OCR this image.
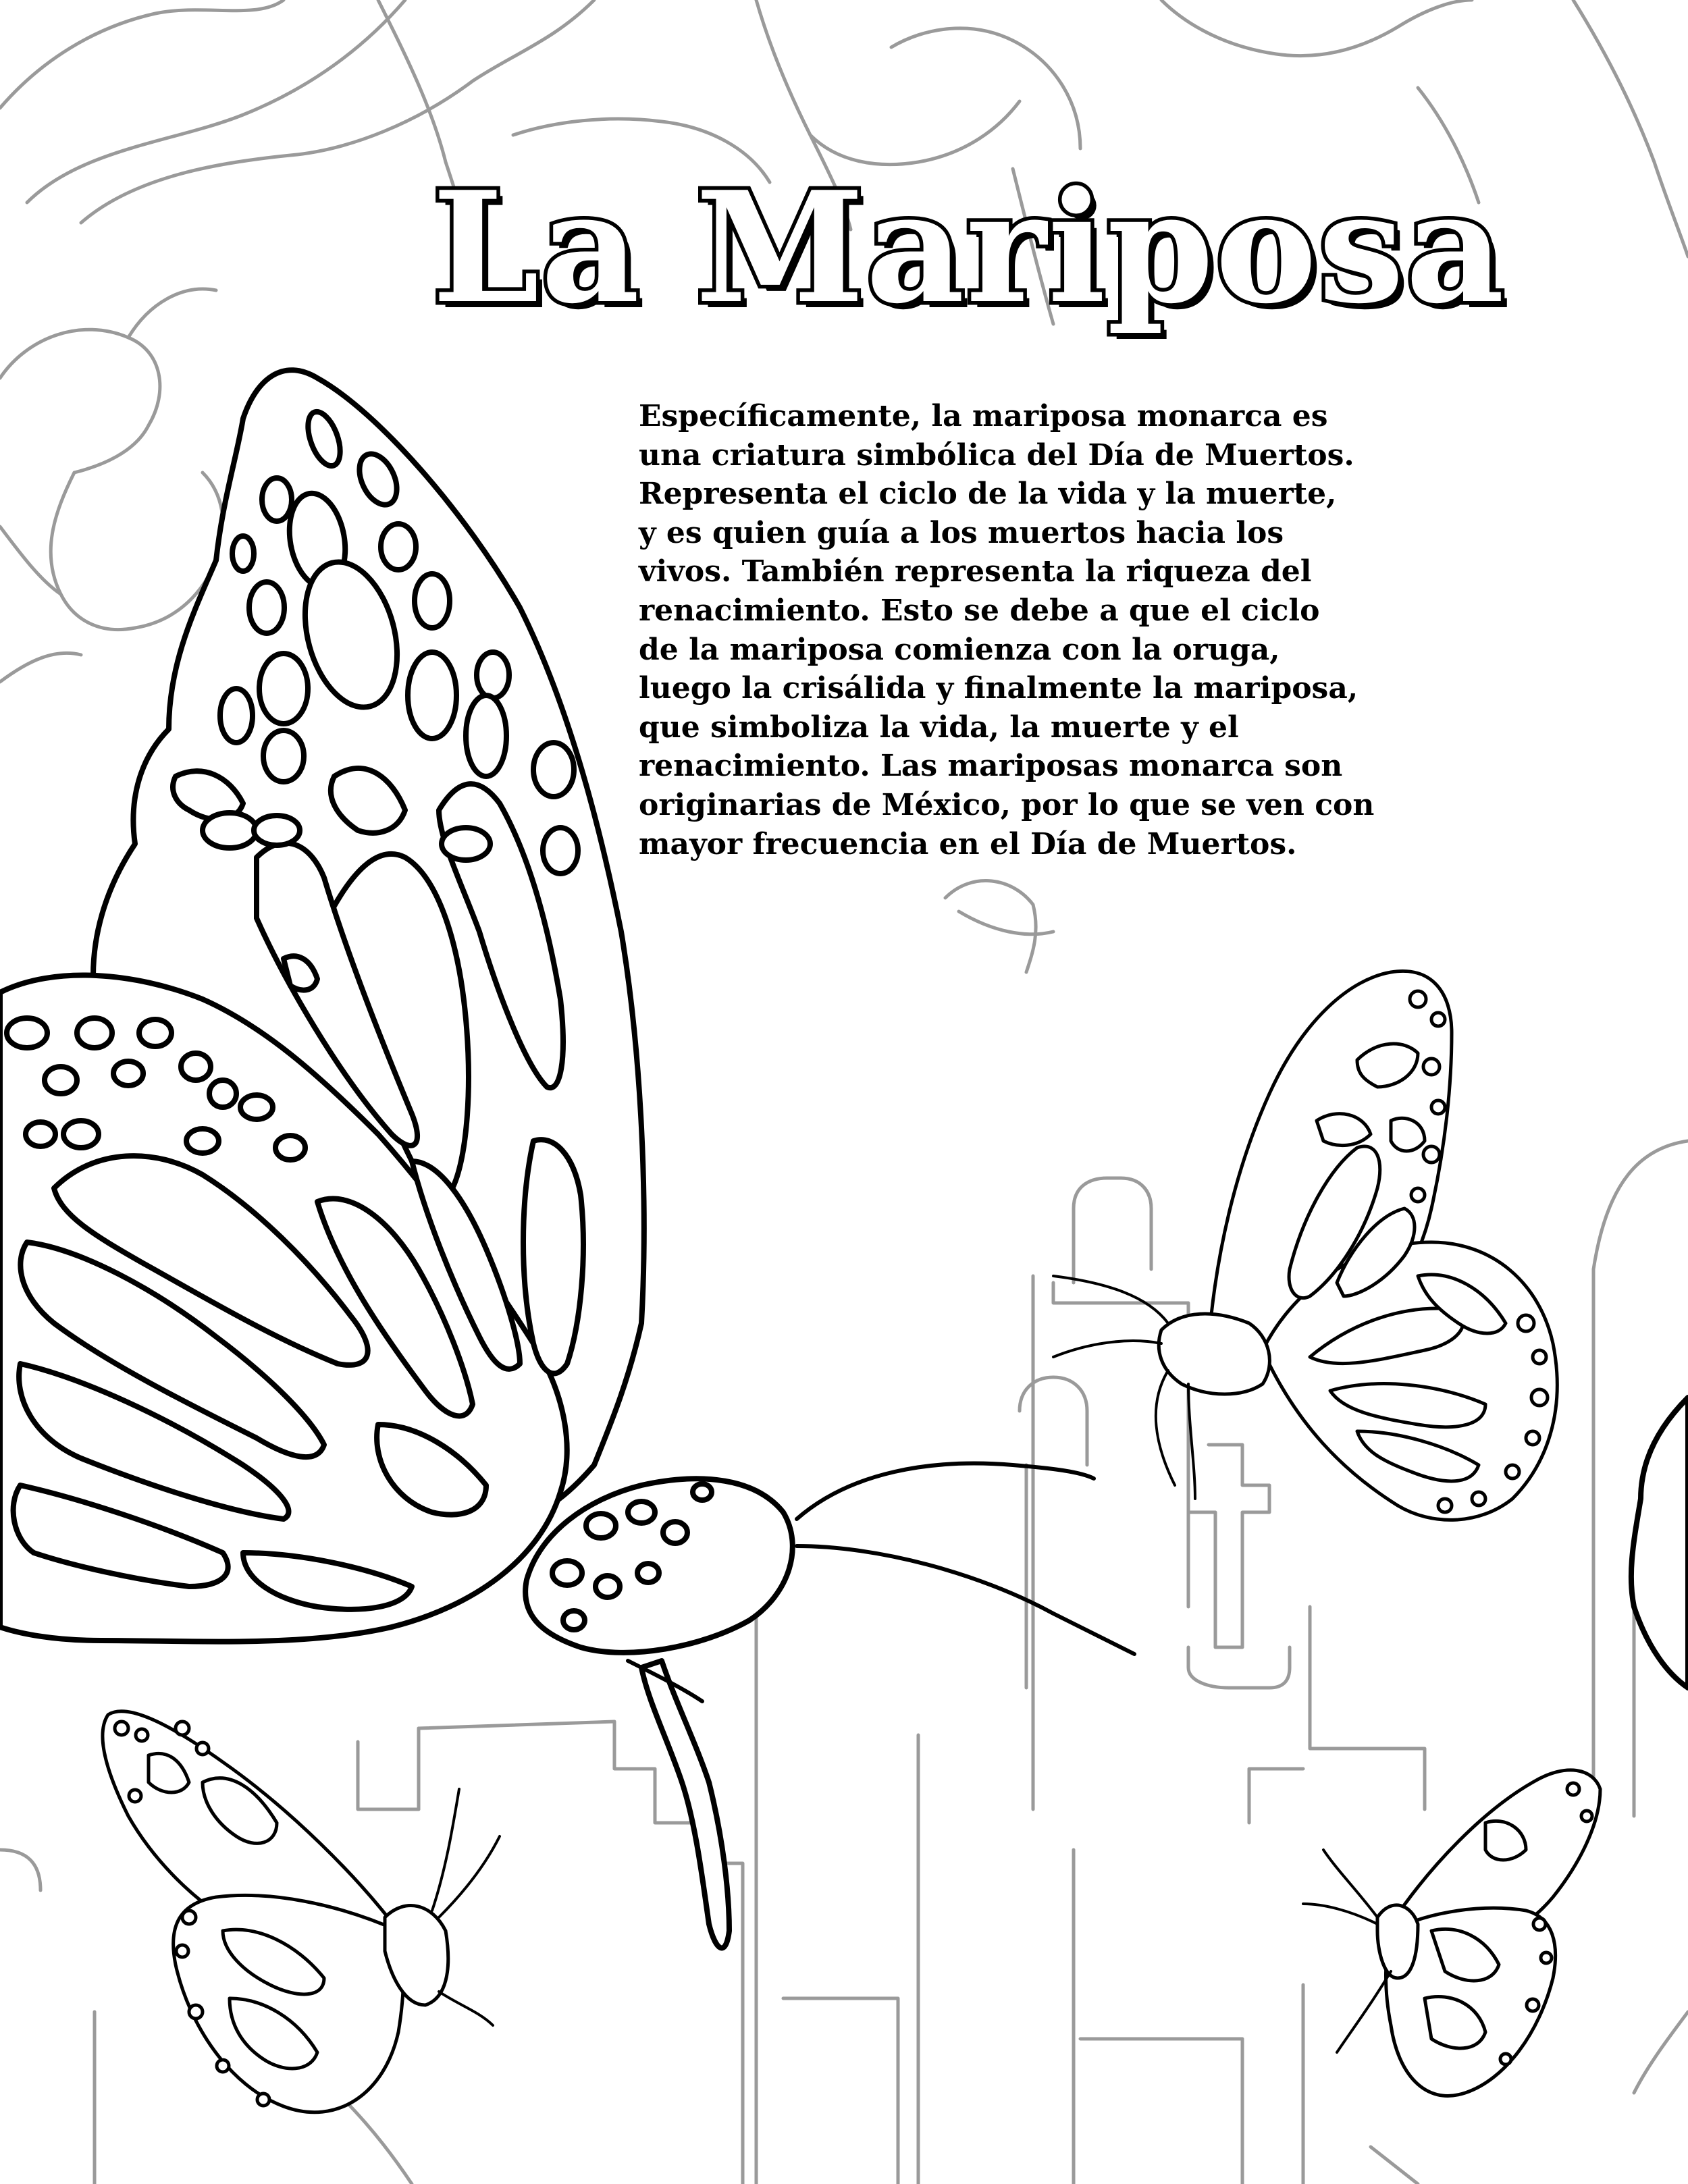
La Mariposa
Específicamente, la mariposa monarca es
una criatura simbólica del Día de Muertos.
Representa el ciclo de la vida y la muerte,
y es quien guía a los muertos hacia los
vivos. También representa la riqueza del
renacimiento. Esto se debe a que el ciclo
de la mariposa comienza con la oruga,
luego la crisálida y finalmente la mariposa,
que simboliza la vida, la muerte y el
renacimiento. Las mariposas monarca son
originarias de México, por lo que se ven con
mayor frecuencia en el Día de Muertos.
